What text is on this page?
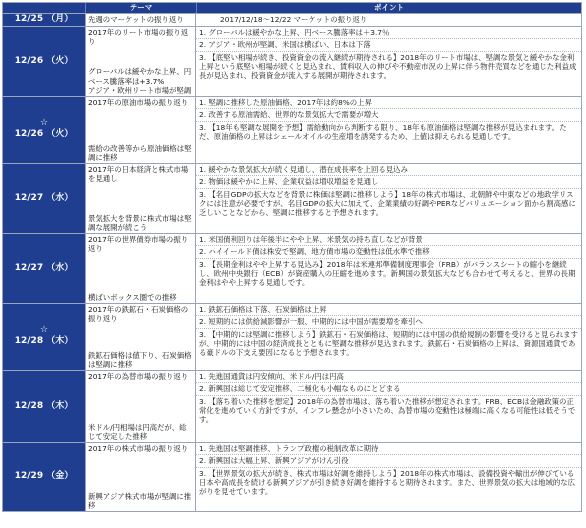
テーマ	ポイント
12/25 （月） 先週のマーケットの振り返り	2017/12/18～12/22 マーケットの振り返り
12/26 （火）
2017年のリート市場の振り返り
グローバルは緩やかな上昇、円ベース騰落率は+3.7%
アジア・欧州リート市場が堅調
1. グローバルは緩やかな上昇、円ベース騰落率は＋3.7％
2. アジア・欧州が堅調、米国は横ばい、日本は下落
3. 【底堅い相場が続き、投資資金の流入継続が期待される】2018年のリート市場は、堅調な景気と緩やかな金利上昇という底堅い相場が続くと見込まれ、賃料収入の伸びや不動産市況の上昇に伴う物件売買などを通じた利益成長が見込まれ、投資資金が流入する展開が期待されます。
☆
12/26 （火）
2017年の原油市場の振り返り
需給の改善等から原油価格は堅調に推移
1. 堅調に推移した原油価格、2017年は約8%の上昇
2. 改善する原油需給、世界的な景気拡大で需要が増大
3. 【18年も堅調な展開を予想】需給動向から判断する限り、18年も原油価格は堅調な推移が見込まれます。ただ、原油価格の上昇はシェールオイルの生産増を誘発するため、上値は抑えられる見通しです。
12/27 （水）
2017年の日本経済と株式市場を見通し
景気拡大を背景に株式市場は堅調な展開が続こう
1. 緩やかな景気拡大が続く見通し、潜在成長率を上回る見込み
2. 物価は緩やかに上昇、企業収益は増収増益を見通し
3. 【名目GDPの拡大などを背景に株価は堅調に推移しよう】18年の株式市場は、北朝鮮や中東などの地政学リスクには注意が必要ですが、名目GDPの拡大に加えて、企業業績の好調やPERなどバリュエーション面から割高感に乏しいことなどから、堅調に推移すると予想されます。
12/27 （水）
2017年の世界債券市場の振り返り
横ばいボックス圏での推移
1. 米国債利回りは年後半にやや上昇、米景気の持ち直しなどが背景
2. ハイイールド債は株安で堅調、地方債市場の変動性は低水準で推移
3. 【長期金利はやや上昇する見込み】2018年は米連邦準備制度理事会（FRB）がバランスシートの縮小を継続し、欧州中央銀行（ECB）が資産購入の圧縮を進めます。新興国の景気拡大なども合わせて考えると、世界の長期金利はやや上昇する見通しです。
☆
12/28 （木）
2017年の鉄鉱石・石炭価格の振り返り
鉄鉱石価格は値下り、石炭価格は堅調に推移
1. 鉄鉱石価格は下落、石炭価格は上昇
2. 短期的には供給減影響が一服、中期的には中国が需要増を牽引へ
3. 【中期的には堅調に推移しよう】鉄鉱石・石炭価格は、短期的には中国の供給規制の影響を受けると見られますが、中期的には中国の経済成長とともに堅調な推移が見込まれます。鉄鉱石・石炭価格の上昇は、資源国通貨である豪ドルの下支え要因になると予想されます。
12/28 （木）
2017年の為替市場の振り返り
米ドル/円相場は円高だが、総じて安定した推移
1. 先進国通貨は円安傾向、米ドル/円は円高
2. 新興国は総じて安定推移、二極化も小幅なものにとどまる
3. 【落ち着いた推移を想定】2018年の為替市場は、落ち着いた推移が想定されます。FRB、ECBは金融政策の正常化を進めていく方針ですが、インフレ懸念が小さいため、為替市場の変動性は極端に高くなる可能性は低そうです。
12/29 （金）
2017年の株式市場の振り返り
新興アジア株式市場が堅調に推移
1. 先進国は堅調推移、トランプ政権の税制改革に期待
2. 新興国は大幅上昇、新興アジアがけん引役
3. 【世界景気の拡大が続き、株式市場は好調を維持しよう】2018年の株式市場は、設備投資や輸出が伸びている日本や高成長を続ける新興アジアが引き続き好調を維持すると期待されます。また、世界景気の拡大は地域的な広がりを見せています。
